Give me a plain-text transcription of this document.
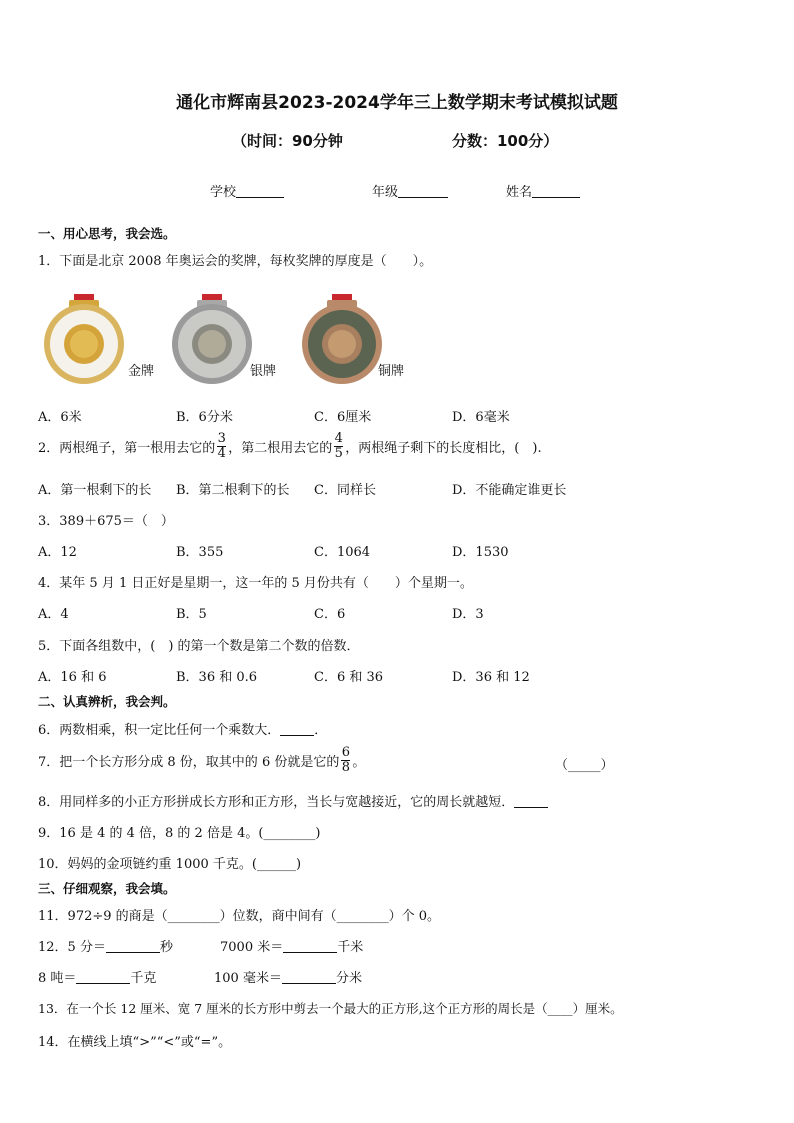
通化市辉南县2023-2024学年三上数学期末考试模拟试题
（时间：90分钟	分数：100分）
学校	年级	姓名
一、用心思考，我会选。
1．下面是北京 2008 年奥运会的奖牌，每枚奖牌的厚度是（　　）。
金牌	银牌	铜牌
A．6米	B．6分米	C．6厘米	D．6毫米
2．两根绳子，第一根用去它的 $\frac{3}{4}$ ，第二根用去它的 $\frac{4}{5}$ ，两根绳子剩下的长度相比，(　).
A．第一根剩下的长 B．第二根剩下的长 C．同样长	D．不能确定谁更长
3．389＋675＝（　）
A．12	B．355	C．1064	D．1530
4．某年 5 月 1 日正好是星期一，这一年的 5 月份共有（　　）个星期一。
A．4	B．5	C．6	D．3
5．下面各组数中，(　) 的第一个数是第二个数的倍数．
A．16 和 6	B．36 和 0.6	C．6 和 36	D．36 和 12
二、认真辨析，我会判。
6．两数相乘，积一定比任何一个乘数大．	．
7．把一个长方形分成 8 份，取其中的 6 份就是它的 $\frac{6}{8}$ 。	（_____）
8．用同样多的小正方形拼成长方形和正方形，当长与宽越接近，它的周长就越短．
9．16 是 4 的 4 倍，8 的 2 倍是 4。(________)
10．妈妈的金项链约重 1000 千克。(______)
三、仔细观察，我会填。
11．972÷9 的商是（________）位数，商中间有（________）个 0。
12．5 分＝	秒	7000 米＝	千米
8 吨＝	千克	100 毫米＝	分米
13．在一个长 12 厘米、宽 7 厘米的长方形中剪去一个最大的正方形,这个正方形的周长是（____）厘米。
14．在横线上填“>”“<”或“=”。
